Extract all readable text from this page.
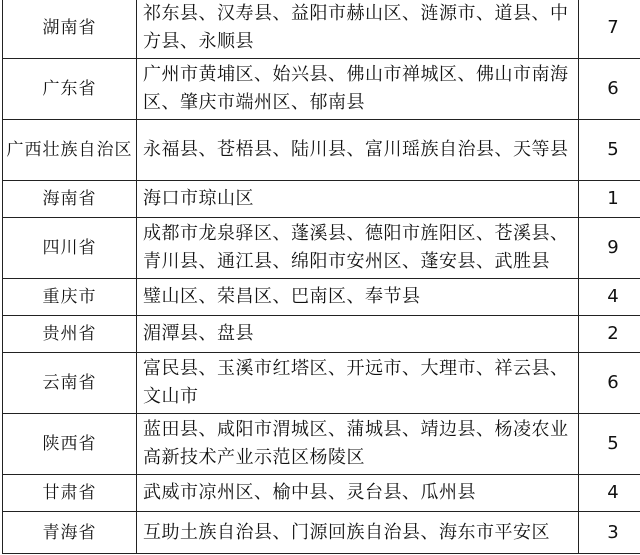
湖南省	祁东县、汉寿县、益阳市赫山区、涟源市、道县、中方县、永顺县	7
广东省	广州市黄埔区、始兴县、佛山市禅城区、佛山市南海区、肇庆市端州区、郁南县	6
广西壮族自治区	永福县、苍梧县、陆川县、富川瑶族自治县、天等县	5
海南省	海口市琼山区	1
四川省	成都市龙泉驿区、蓬溪县、德阳市旌阳区、苍溪县、青川县、通江县、绵阳市安州区、蓬安县、武胜县	9
重庆市	璧山区、荣昌区、巴南区、奉节县	4
贵州省	湄潭县、盘县	2
云南省	富民县、玉溪市红塔区、开远市、大理市、祥云县、文山市	6
陕西省	蓝田县、咸阳市渭城区、蒲城县、靖边县、杨凌农业高新技术产业示范区杨陵区	5
甘肃省	武威市凉州区、榆中县、灵台县、瓜州县	4
青海省	互助土族自治县、门源回族自治县、海东市平安区	3
